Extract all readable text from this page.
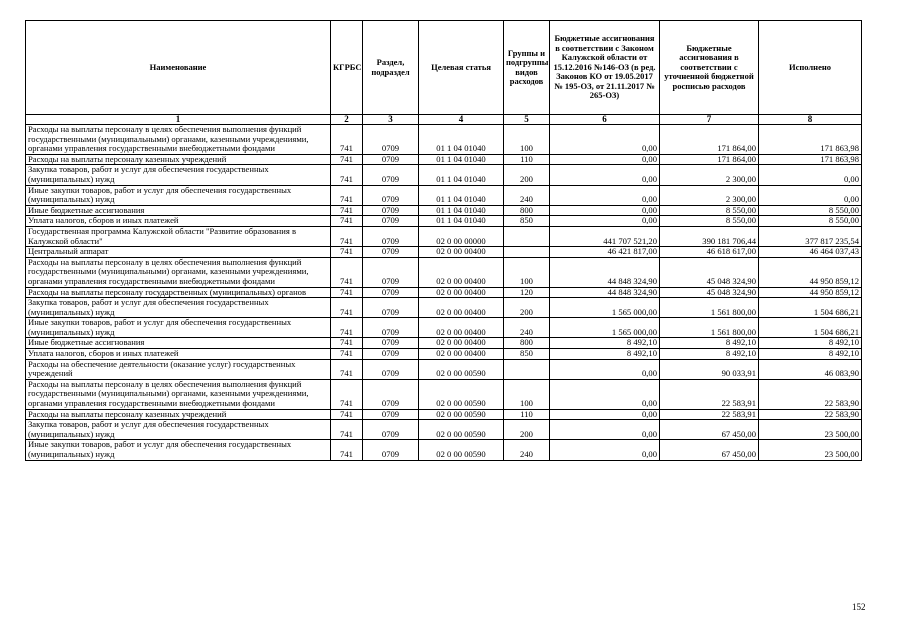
Наименование	КГРБС	Раздел, подраздел	Целевая статья	Группы и подгруппы видов расходов	Бюджетные ассигнования в соответствии с Законом Калужской области от 15.12.2016 №146-ОЗ (в ред. Законов КО от 19.05.2017 № 195-ОЗ, от 21.11.2017 № 265-ОЗ)	Бюджетные ассигнования в соответствии с уточненной бюджетной росписью расходов	Исполнено
1	2	3	4	5	6	7	8
Расходы на выплаты персоналу в целях обеспечения выполнения функций государственными (муниципальными) органами, казенными учреждениями, органами управления государственными внебюджетными фондами	741	0709	01 1 04 01040	100	0,00	171 864,00	171 863,98
Расходы на выплаты персоналу казенных учреждений	741	0709	01 1 04 01040	110	0,00	171 864,00	171 863,98
Закупка товаров, работ и услуг для обеспечения государственных (муниципальных) нужд	741	0709	01 1 04 01040	200	0,00	2 300,00	0,00
Иные закупки товаров, работ и услуг для обеспечения государственных (муниципальных) нужд	741	0709	01 1 04 01040	240	0,00	2 300,00	0,00
Иные бюджетные ассигнования	741	0709	01 1 04 01040	800	0,00	8 550,00	8 550,00
Уплата налогов, сборов и иных платежей	741	0709	01 1 04 01040	850	0,00	8 550,00	8 550,00
Государственная программа Калужской области "Развитие образования в Калужской области"	741	0709	02 0 00 00000		441 707 521,20	390 181 706,44	377 817 235,54
Центральный аппарат	741	0709	02 0 00 00400		46 421 817,00	46 618 617,00	46 464 037,43
Расходы на выплаты персоналу в целях обеспечения выполнения функций государственными (муниципальными) органами, казенными учреждениями, органами управления государственными внебюджетными фондами	741	0709	02 0 00 00400	100	44 848 324,90	45 048 324,90	44 950 859,12
Расходы на выплаты персоналу государственных (муниципальных) органов	741	0709	02 0 00 00400	120	44 848 324,90	45 048 324,90	44 950 859,12
Закупка товаров, работ и услуг для обеспечения государственных (муниципальных) нужд	741	0709	02 0 00 00400	200	1 565 000,00	1 561 800,00	1 504 686,21
Иные закупки товаров, работ и услуг для обеспечения государственных (муниципальных) нужд	741	0709	02 0 00 00400	240	1 565 000,00	1 561 800,00	1 504 686,21
Иные бюджетные ассигнования	741	0709	02 0 00 00400	800	8 492,10	8 492,10	8 492,10
Уплата налогов, сборов и иных платежей	741	0709	02 0 00 00400	850	8 492,10	8 492,10	8 492,10
Расходы на обеспечение деятельности (оказание услуг) государственных учреждений	741	0709	02 0 00 00590		0,00	90 033,91	46 083,90
Расходы на выплаты персоналу в целях обеспечения выполнения функций государственными (муниципальными) органами, казенными учреждениями, органами управления государственными внебюджетными фондами	741	0709	02 0 00 00590	100	0,00	22 583,91	22 583,90
Расходы на выплаты персоналу казенных учреждений	741	0709	02 0 00 00590	110	0,00	22 583,91	22 583,90
Закупка товаров, работ и услуг для обеспечения государственных (муниципальных) нужд	741	0709	02 0 00 00590	200	0,00	67 450,00	23 500,00
Иные закупки товаров, работ и услуг для обеспечения государственных (муниципальных) нужд	741	0709	02 0 00 00590	240	0,00	67 450,00	23 500,00
152
